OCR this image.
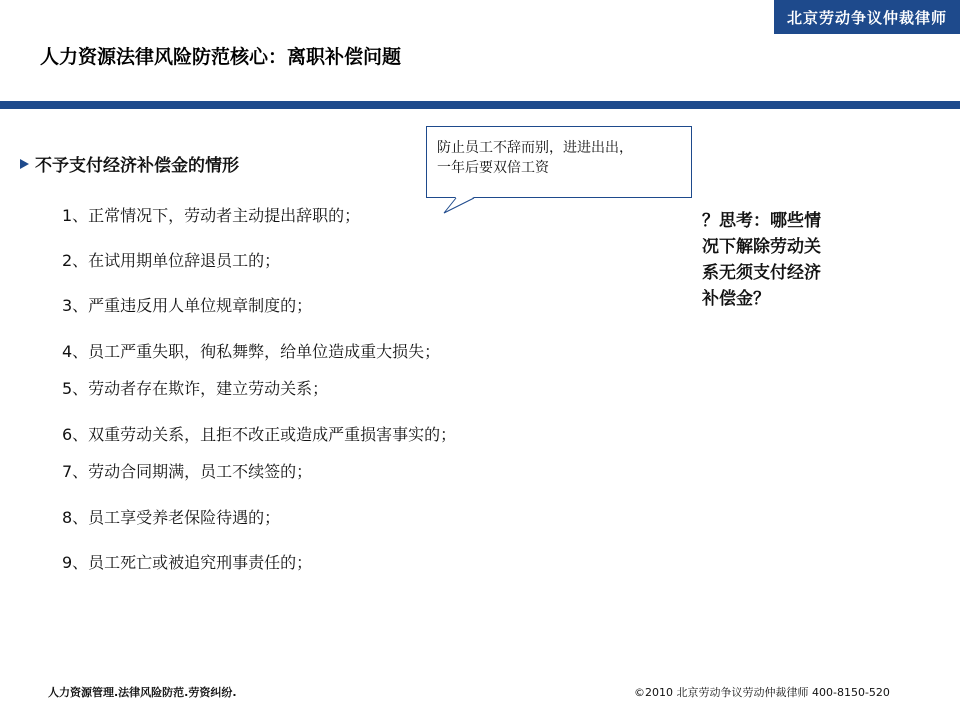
北京劳动争议仲裁律师
人力资源法律风险防范核心：离职补偿问题
不予支付经济补偿金的情形
1、正常情况下，劳动者主动提出辞职的；
2、在试用期单位辞退员工的；
3、严重违反用人单位规章制度的；
4、员工严重失职，徇私舞弊，给单位造成重大损失；
5、劳动者存在欺诈，建立劳动关系；
6、双重劳动关系，且拒不改正或造成严重损害事实的；
7、劳动合同期满，员工不续签的；
8、员工享受养老保险待遇的；
9、员工死亡或被追究刑事责任的；
防止员工不辞而别，进进出出，
一年后要双倍工资
？思考：哪些情
况下解除劳动关
系无须支付经济
补偿金？
人力资源管理.法律风险防范.劳资纠纷.	©2010 北京劳动争议劳动仲裁律师 400-8150-520
